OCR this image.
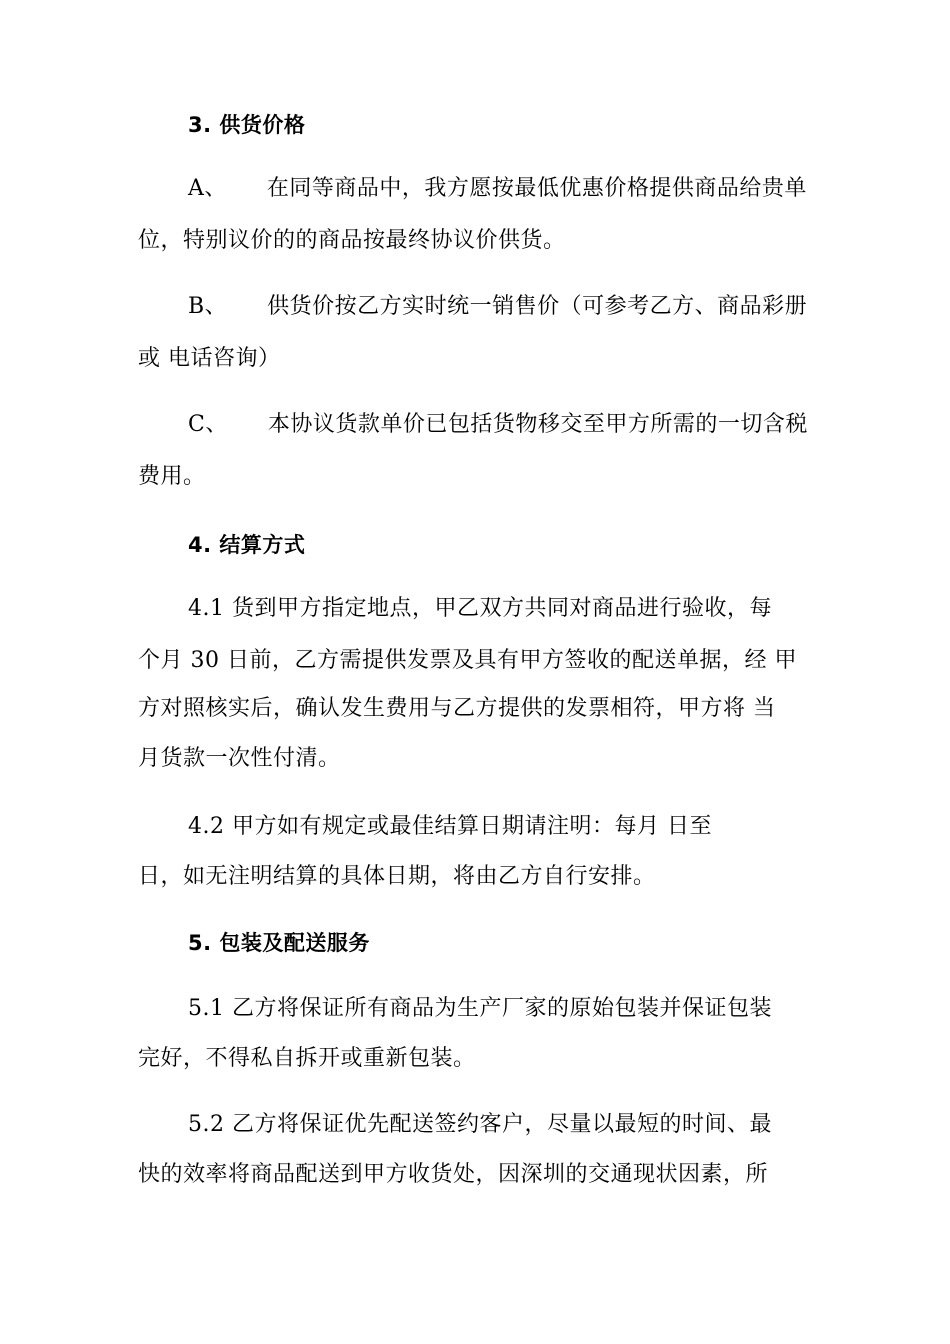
3. 供货价格
A、 在同等商品中，我方愿按最低优惠价格提供商品给贵单
位，特别议价的的商品按最终协议价供货。
B、 供货价按乙方实时统一销售价（可参考乙方、商品彩册
或 电话咨询）
C、 本协议货款单价已包括货物移交至甲方所需的一切含税
费用。
4. 结算方式
4.1 货到甲方指定地点，甲乙双方共同对商品进行验收，每
个月 30 日前，乙方需提供发票及具有甲方签收的配送单据，经 甲
方对照核实后，确认发生费用与乙方提供的发票相符，甲方将 当
月货款一次性付清。
4.2 甲方如有规定或最佳结算日期请注明：每月 日至
日，如无注明结算的具体日期，将由乙方自行安排。
5. 包装及配送服务
5.1 乙方将保证所有商品为生产厂家的原始包装并保证包装
完好，不得私自拆开或重新包装。
5.2 乙方将保证优先配送签约客户，尽量以最短的时间、最
快的效率将商品配送到甲方收货处，因深圳的交通现状因素，所
